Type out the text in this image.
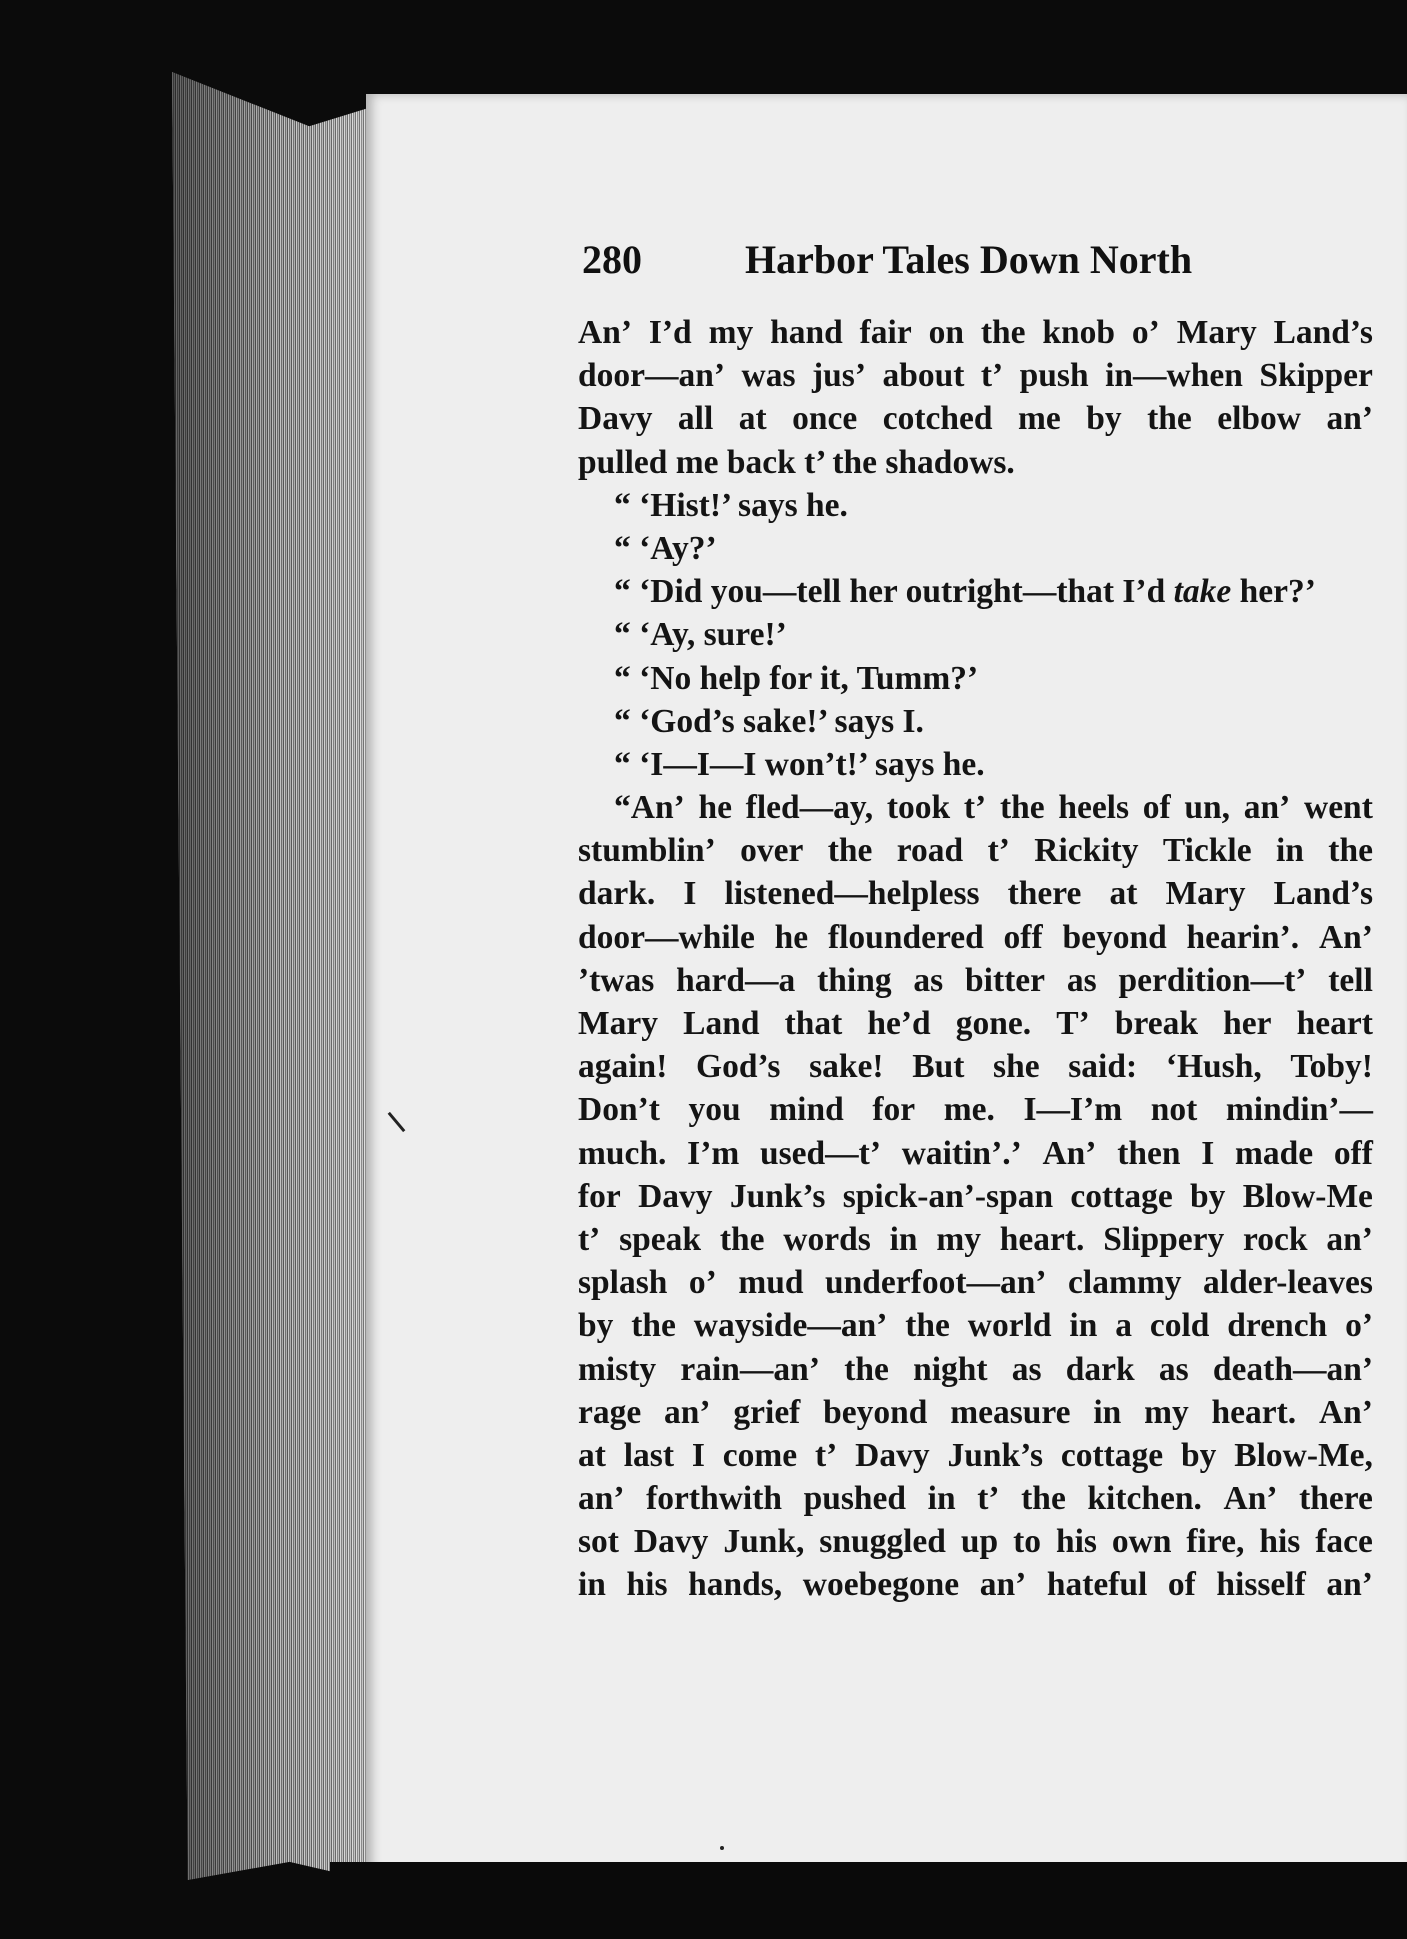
280	Harbor Tales Down North
An’ I’d my hand fair on the knob o’ Mary Land’s
door—an’ was jus’ about t’ push in—when Skipper
Davy all at once cotched me by the elbow an’
pulled me back t’ the shadows.
“ ‘Hist!’ says he.
“ ‘Ay?’
“ ‘Did you—tell her outright—that I’d take her?’
“ ‘Ay, sure!’
“ ‘No help for it, Tumm?’
“ ‘God’s sake!’ says I.
“ ‘I—I—I won’t!’ says he.
“An’ he fled—ay, took t’ the heels of un, an’ went
stumblin’ over the road t’ Rickity Tickle in the
dark. I listened—helpless there at Mary Land’s
door—while he floundered off beyond hearin’. An’
’twas hard—a thing as bitter as perdition—t’ tell
Mary Land that he’d gone. T’ break her heart
again! God’s sake! But she said: ‘Hush, Toby!
Don’t you mind for me. I—I’m not mindin’—
much. I’m used—t’ waitin’.’ An’ then I made off
for Davy Junk’s spick-an’-span cottage by Blow-Me
t’ speak the words in my heart. Slippery rock an’
splash o’ mud underfoot—an’ clammy alder-leaves
by the wayside—an’ the world in a cold drench o’
misty rain—an’ the night as dark as death—an’
rage an’ grief beyond measure in my heart. An’
at last I come t’ Davy Junk’s cottage by Blow-Me,
an’ forthwith pushed in t’ the kitchen. An’ there
sot Davy Junk, snuggled up to his own fire, his face
in his hands, woebegone an’ hateful of hisself an’
